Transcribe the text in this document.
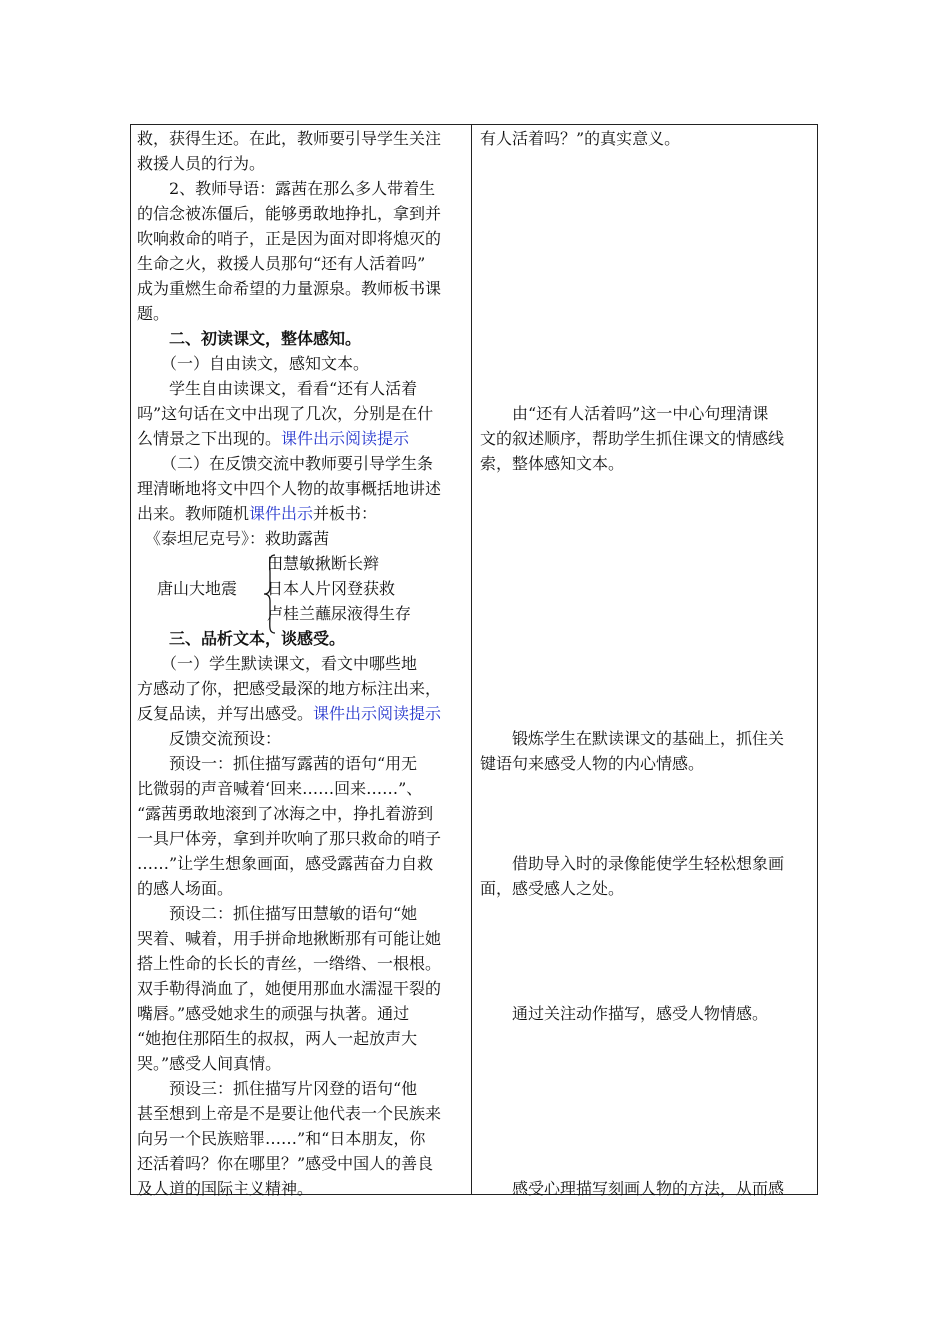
救，获得生还。在此，教师要引导学生关注
救援人员的行为。
　　2、教师导语：露茜在那么多人带着生
的信念被冻僵后，能够勇敢地挣扎，拿到并
吹响救命的哨子，正是因为面对即将熄灭的
生命之火，救援人员那句“还有人活着吗”
成为重燃生命希望的力量源泉。教师板书课
题。
　　二、初读课文，整体感知。
　　（一）自由读文，感知文本。
　　学生自由读课文，看看“还有人活着
吗”这句话在文中出现了几次，分别是在什
么情景之下出现的。课件出示阅读提示
　　（二）在反馈交流中教师要引导学生条
理清晰地将文中四个人物的故事概括地讲述
出来。教师随机课件出示并板书：
《泰坦尼克号》：救助露茜
田慧敏揪断长辫
唐山大地震 日本人片冈登获救
卢桂兰蘸尿液得生存
　　三、品析文本，谈感受。
　　（一）学生默读课文，看文中哪些地
方感动了你，把感受最深的地方标注出来，
反复品读，并写出感受。课件出示阅读提示
　　反馈交流预设：
　　预设一：抓住描写露茜的语句“用无
比微弱的声音喊着‘回来……回来……”、
“露茜勇敢地滚到了冰海之中，挣扎着游到
一具尸体旁，拿到并吹响了那只救命的哨子
……”让学生想象画面，感受露茜奋力自救
的感人场面。
　　预设二：抓住描写田慧敏的语句“她
哭着、喊着，用手拼命地揪断那有可能让她
搭上性命的长长的青丝，一绺绺、一根根。
双手勒得淌血了，她便用那血水濡湿干裂的
嘴唇。”感受她求生的顽强与执著。通过
“她抱住那陌生的叔叔，两人一起放声大
哭。”感受人间真情。
　　预设三：抓住描写片冈登的语句“他
甚至想到上帝是不是要让他代表一个民族来
向另一个民族赔罪……”和“日本朋友，你
还活着吗？你在哪里？”感受中国人的善良
及人道的国际主义精神。
有人活着吗？”的真实意义。
　　由“还有人活着吗”这一中心句理清课
文的叙述顺序，帮助学生抓住课文的情感线
索，整体感知文本。
　　锻炼学生在默读课文的基础上，抓住关
键语句来感受人物的内心情感。
　　借助导入时的录像能使学生轻松想象画
面，感受感人之处。
　　通过关注动作描写，感受人物情感。
　　感受心理描写刻画人物的方法，从而感
